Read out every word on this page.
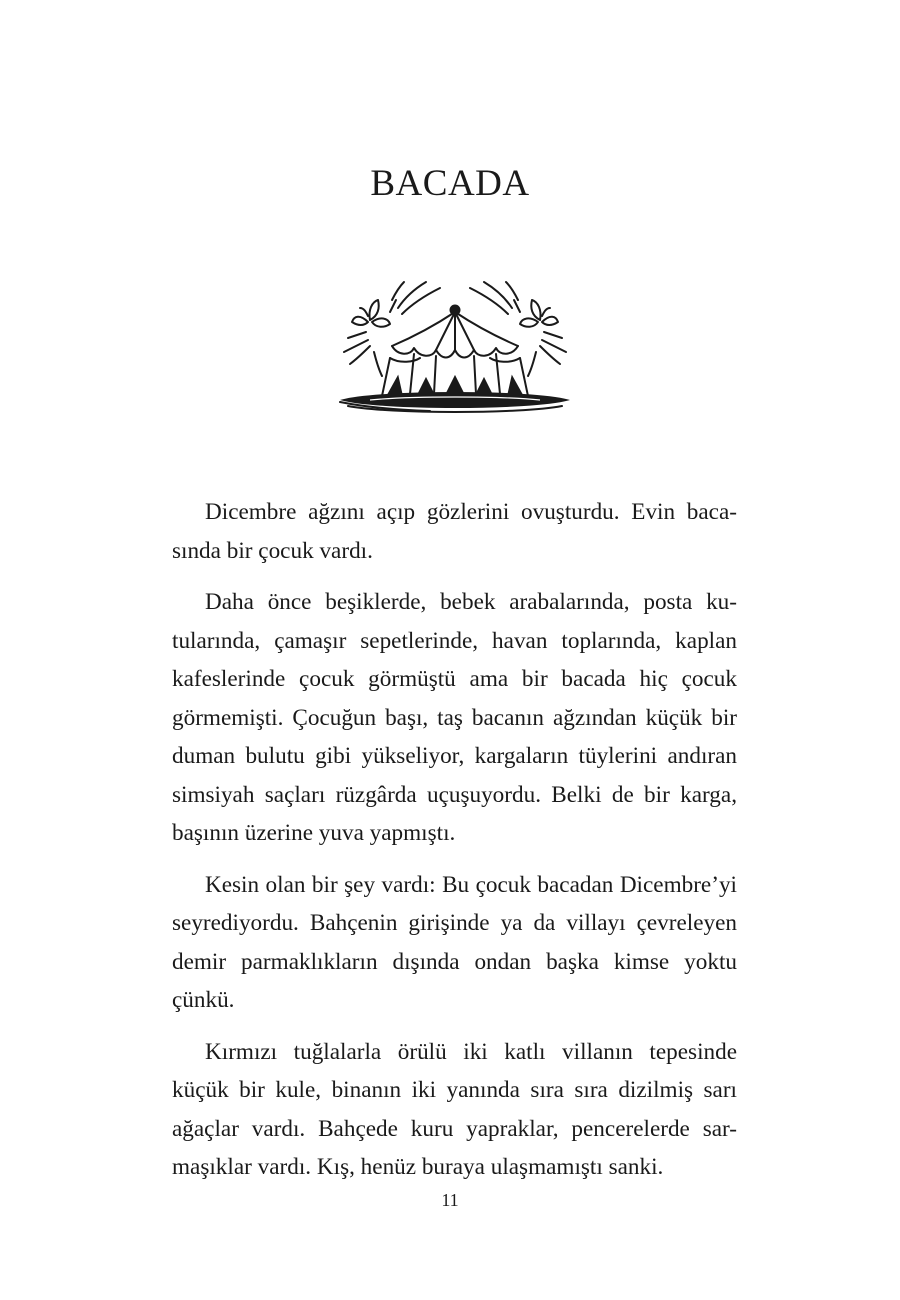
BACADA
Dicembre ağzını açıp gözlerini ovuşturdu. Evin baca-
sında bir çocuk vardı.
Daha önce beşiklerde, bebek arabalarında, posta ku-
tularında, çamaşır sepetlerinde, havan toplarında, kaplan
kafeslerinde çocuk görmüştü ama bir bacada hiç çocuk
görmemişti. Çocuğun başı, taş bacanın ağzından küçük bir
duman bulutu gibi yükseliyor, kargaların tüylerini andıran
simsiyah saçları rüzgârda uçuşuyordu. Belki de bir karga,
başının üzerine yuva yapmıştı.
Kesin olan bir şey vardı: Bu çocuk bacadan Dicembre’yi
seyrediyordu. Bahçenin girişinde ya da villayı çevreleyen
demir parmaklıkların dışında ondan başka kimse yoktu
çünkü.
Kırmızı tuğlalarla örülü iki katlı villanın tepesinde
küçük bir kule, binanın iki yanında sıra sıra dizilmiş sarı
ağaçlar vardı. Bahçede kuru yapraklar, pencerelerde sar-
maşıklar vardı. Kış, henüz buraya ulaşmamıştı sanki.
11
